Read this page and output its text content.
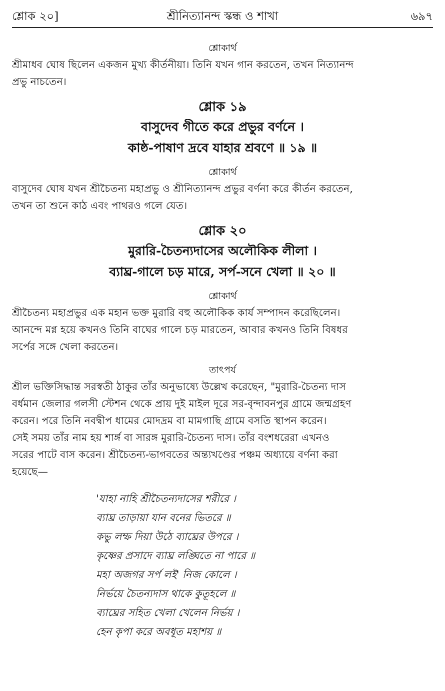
শ্লোক ২০]	শ্রীনিত্যানন্দ স্কন্ধ ও শাখা	৬৯৭
শ্লোকার্থ
শ্রীমাধব ঘোষ ছিলেন একজন মুখ্য কীর্তনীয়া। তিনি যখন গান করতেন, তখন নিত্যানন্দ
প্রভু নাচতেন।
শ্লোক ১৯
বাসুদেব গীতে করে প্রভুর বর্ণনে ।
কাষ্ঠ-পাষাণ দ্রবে যাহার শ্রবণে ॥ ১৯ ॥
শ্লোকার্থ
বাসুদেব ঘোষ যখন শ্রীচৈতন্য মহাপ্রভু ও শ্রীনিত্যানন্দ প্রভুর বর্ণনা করে কীর্তন করতেন,
তখন তা শুনে কাঠ এবং পাথরও গলে যেত।
শ্লোক ২০
মুরারি-চৈতন্যদাসের অলৌকিক লীলা ।
ব্যাঘ্র-গালে চড় মারে, সর্প-সনে খেলা ॥ ২০ ॥
শ্লোকার্থ
শ্রীচৈতন্য মহাপ্রভুর এক মহান ভক্ত মুরারি বহু অলৌকিক কার্য সম্পাদন করেছিলেন।
আনন্দে মগ্ন হয়ে কখনও তিনি বাঘের গালে চড় মারতেন, আবার কখনও তিনি বিষধর
সর্পের সঙ্গে খেলা করতেন।
তাৎপর্য
শ্রীল ভক্তিসিদ্ধান্ত সরস্বতী ঠাকুর তাঁর অনুভাষ্যে উল্লেখ করেছেন, "মুরারি-চৈতন্য দাস
বর্ধমান জেলার গলসী স্টেশন থেকে প্রায় দুই মাইল দূরে সর-বৃন্দাবনপুর গ্রামে জন্মগ্রহণ
করেন। পরে তিনি নবদ্বীপ ধামের মোদদ্রম বা মামগাছি গ্রামে বসতি স্থাপন করেন।
সেই সময় তাঁর নাম হয় শার্ঙ্গ বা সারঙ্গ মুরারি-চৈতন্য দাস। তাঁর বংশধরেরা এখনও
সরের পাটে বাস করেন। শ্রীচৈতন্য-ভাগবতের অন্ত্যখণ্ডের পঞ্চম অধ্যায়ে বর্ণনা করা
হয়েছে—
'যাহা নাহি শ্রীচৈতন্যদাসের শরীরে ।
ব্যাঘ্র তাড়ায়া যান বনের ভিতরে ॥
কভু লম্ফ দিয়া উঠে ব্যাঘ্রের উপরে ।
কৃষ্ণের প্রসাদে ব্যাঘ্র লঙ্ঘিতে না পারে ॥
মহা অজগর সর্প লই' নিজ কোলে ।
নির্ভয়ে চৈতন্যদাস থাকে কুতূহলে ॥
ব্যাঘ্রের সহিত খেলা খেলেন নির্ভয় ।
হেন কৃপা করে অবধূত মহাশয় ॥
